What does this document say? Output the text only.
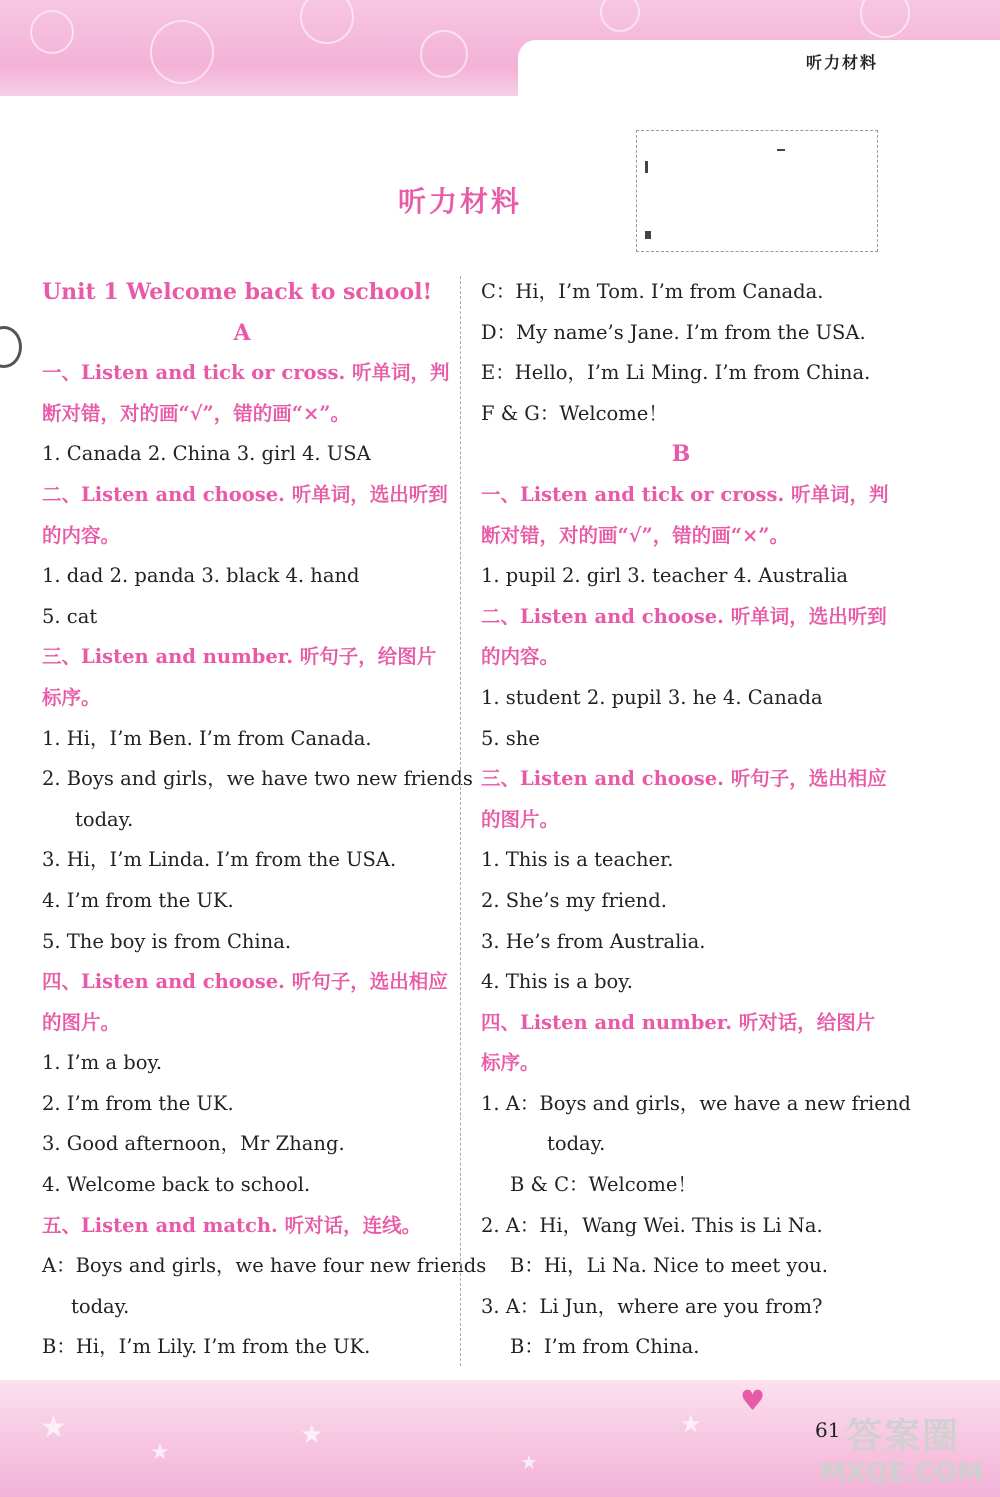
听力材料
听力材料
Unit 1 Welcome back to school!
A
一、Listen and tick or cross. 听单词，判
断对错，对的画“√”，错的画“×”。
1. Canada 2. China 3. girl 4. USA
二、Listen and choose. 听单词，选出听到
的内容。
1. dad 2. panda 3. black 4. hand
5. cat
三、Listen and number. 听句子，给图片
标序。
1. Hi，I’m Ben. I’m from Canada.
2. Boys and girls，we have two new friends
today.
3. Hi，I’m Linda. I’m from the USA.
4. I’m from the UK.
5. The boy is from China.
四、Listen and choose. 听句子，选出相应
的图片。
1. I’m a boy.
2. I’m from the UK.
3. Good afternoon，Mr Zhang.
4. Welcome back to school.
五、Listen and match. 听对话，连线。
A：Boys and girls，we have four new friends
today.
B：Hi，I’m Lily. I’m from the UK.
C：Hi，I’m Tom. I’m from Canada.
D：My name’s Jane. I’m from the USA.
E：Hello，I’m Li Ming. I’m from China.
F & G：Welcome！
B
一、Listen and tick or cross. 听单词，判
断对错，对的画“√”，错的画“×”。
1. pupil 2. girl 3. teacher 4. Australia
二、Listen and choose. 听单词，选出听到
的内容。
1. student 2. pupil 3. he 4. Canada
5. she
三、Listen and choose. 听句子，选出相应
的图片。
1. This is a teacher.
2. She’s my friend.
3. He’s from Australia.
4. This is a boy.
四、Listen and number. 听对话，给图片
标序。
1. A：Boys and girls，we have a new friend
today.
B & C：Welcome！
2. A：Hi，Wang Wei. This is Li Na.
B：Hi，Li Na. Nice to meet you.
3. A：Li Jun，where are you from?
B：I’m from China.
★
★
★
★
★
♥
61 答案圈
MXQE.COM
